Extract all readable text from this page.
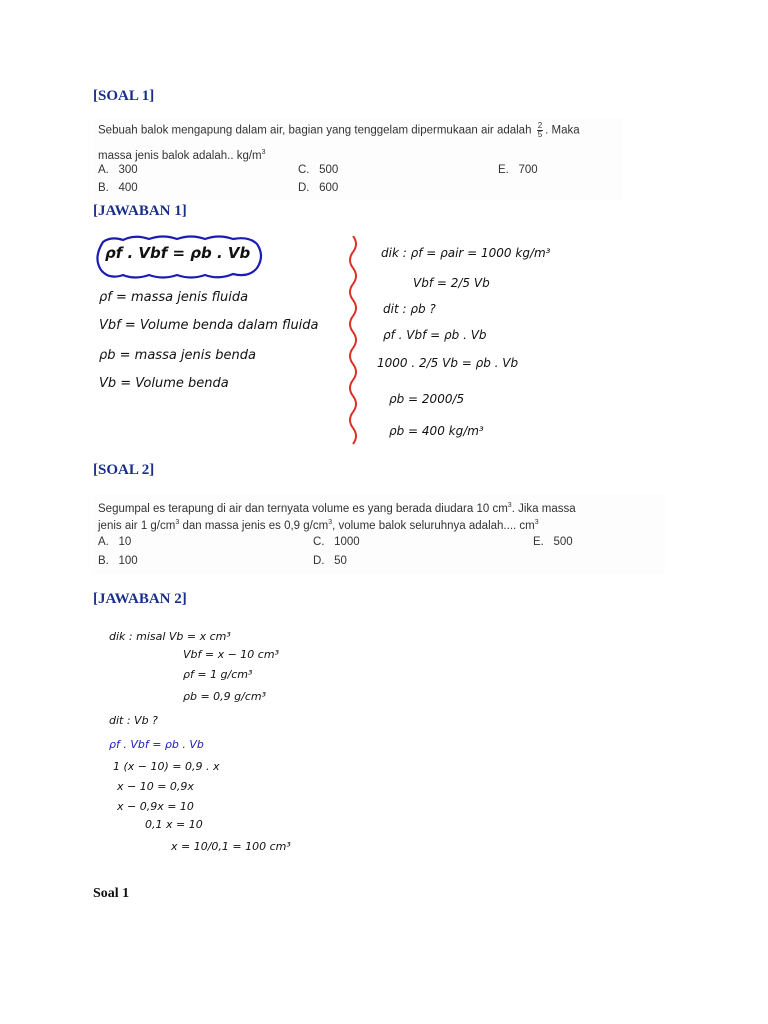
[SOAL 1]
Sebuah balok mengapung dalam air, bagian yang tenggelam dipermukaan air adalah $\frac{2}{5}$ . Maka
massa jenis balok adalah.. $kg/m^3$
A. 300	C. 500	E. 700
B. 400	D. 600
[JAWABAN 1]
ρf . Vbf = ρb . Vb
ρf = massa jenis fluida
Vbf = Volume benda dalam fluida
ρb = massa jenis benda
Vb = Volume benda
dik : ρf = ρair = 1000 kg/m³
Vbf = 2/5 Vb
dit : ρb ?
ρf . Vbf = ρb . Vb
1000 . 2/5 Vb = ρb . Vb
ρb = 2000/5
ρb = 400 kg/m³
[SOAL 2]
Segumpal es terapung di air dan ternyata volume es yang berada diudara 10 $cm^3$. Jika massa
jenis air 1 $g/cm^3$ dan massa jenis es 0,9 $g/cm^3$, volume balok seluruhnya adalah.... $cm^3$
A. 10	C. 1000	E. 500
B. 100	D. 50
[JAWABAN 2]
dik : misal Vb = x cm³
Vbf = x − 10 cm³
ρf = 1 g/cm³
ρb = 0,9 g/cm³
dit : Vb ?
ρf . Vbf = ρb . Vb
1 (x − 10) = 0,9 . x
x − 10 = 0,9x
x − 0,9x = 10
0,1 x = 10
x = 10/0,1 = 100 cm³
Soal 1
